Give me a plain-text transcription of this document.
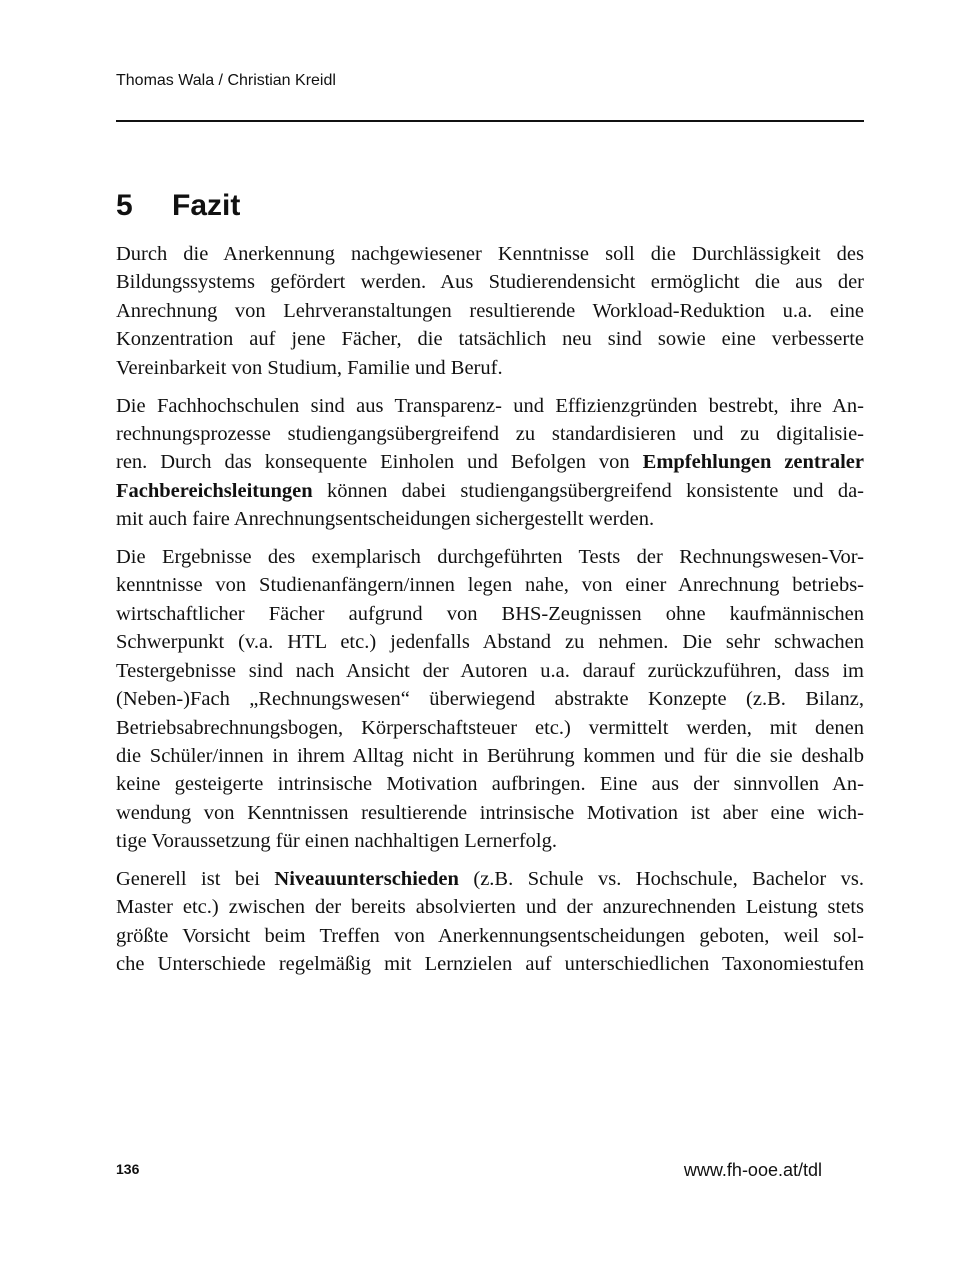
Thomas Wala / Christian Kreidl
5 Fazit

Durch die Anerkennung nachgewiesener Kenntnisse soll die Durchlässigkeit des
Bildungssystems gefördert werden. Aus Studierendensicht ermöglicht die aus der
Anrechnung von Lehrveranstaltungen resultierende Workload-Reduktion u.a. eine
Konzentration auf jene Fächer, die tatsächlich neu sind sowie eine verbesserte
Vereinbarkeit von Studium, Familie und Beruf.

Die Fachhochschulen sind aus Transparenz- und Effizienzgründen bestrebt, ihre An-
rechnungsprozesse studiengangsübergreifend zu standardisieren und zu digitalisie-
ren. Durch das konsequente Einholen und Befolgen von Empfehlungen zentraler
Fachbereichsleitungen können dabei studiengangsübergreifend konsistente und da-
mit auch faire Anrechnungsentscheidungen sichergestellt werden.

Die Ergebnisse des exemplarisch durchgeführten Tests der Rechnungswesen-Vor-
kenntnisse von Studienanfängern/innen legen nahe, von einer Anrechnung betriebs-
wirtschaftlicher Fächer aufgrund von BHS-Zeugnissen ohne kaufmännischen
Schwerpunkt (v.a. HTL etc.) jedenfalls Abstand zu nehmen. Die sehr schwachen
Testergebnisse sind nach Ansicht der Autoren u.a. darauf zurückzuführen, dass im
(Neben-)Fach „Rechnungswesen“ überwiegend abstrakte Konzepte (z.B. Bilanz,
Betriebsabrechnungsbogen, Körperschaftsteuer etc.) vermittelt werden, mit denen
die Schüler/innen in ihrem Alltag nicht in Berührung kommen und für die sie deshalb
keine gesteigerte intrinsische Motivation aufbringen. Eine aus der sinnvollen An-
wendung von Kenntnissen resultierende intrinsische Motivation ist aber eine wich-
tige Voraussetzung für einen nachhaltigen Lernerfolg.

Generell ist bei Niveauunterschieden (z.B. Schule vs. Hochschule, Bachelor vs.
Master etc.) zwischen der bereits absolvierten und der anzurechnenden Leistung stets
größte Vorsicht beim Treffen von Anerkennungsentscheidungen geboten, weil sol-
che Unterschiede regelmäßig mit Lernzielen auf unterschiedlichen Taxonomiestufen

136	www.fh-ooe.at/tdl
